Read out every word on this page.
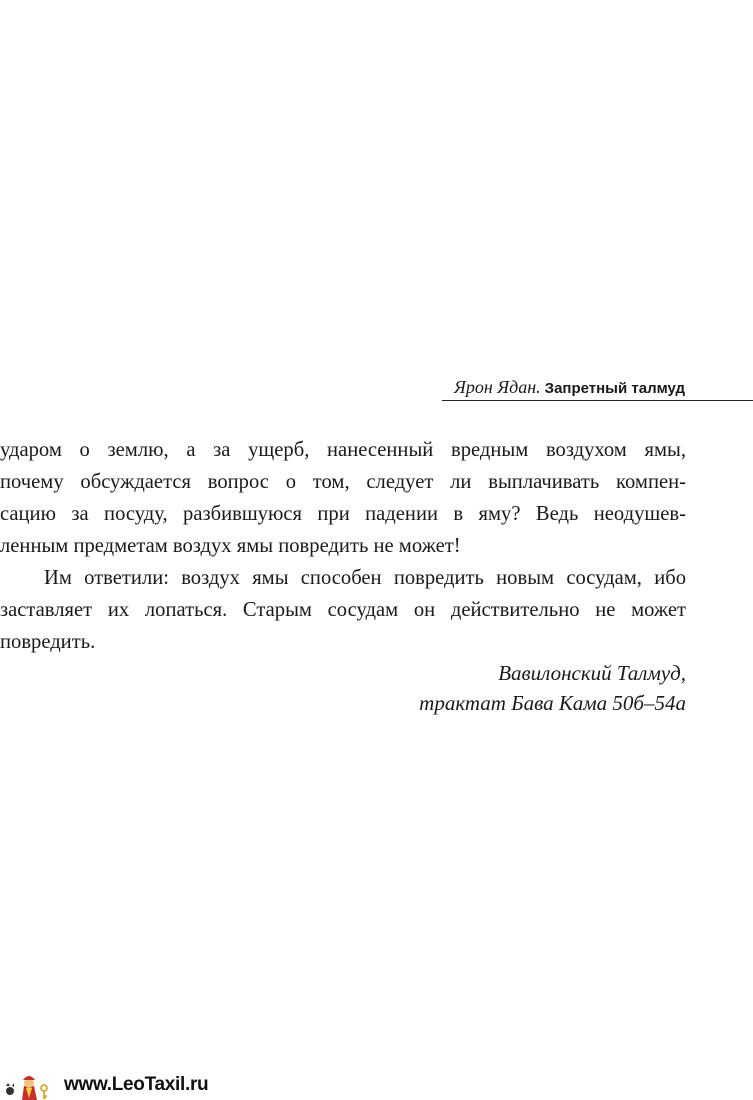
Ярон Ядан. Запретный талмуд
ударом о землю, а за ущерб, нанесенный вредным воздухом ямы,
почему обсуждается вопрос о том, следует ли выплачивать компен-
сацию за посуду, разбившуюся при падении в яму? Ведь неодушев-
ленным предметам воздух ямы повредить не может!
Им ответили: воздух ямы способен повредить новым сосудам, ибо
заставляет их лопаться. Старым сосудам он действительно не может
повредить.
Вавилонский Талмуд,
трактат Бава Кама 50б–54а
www.LeoTaxil.ru
